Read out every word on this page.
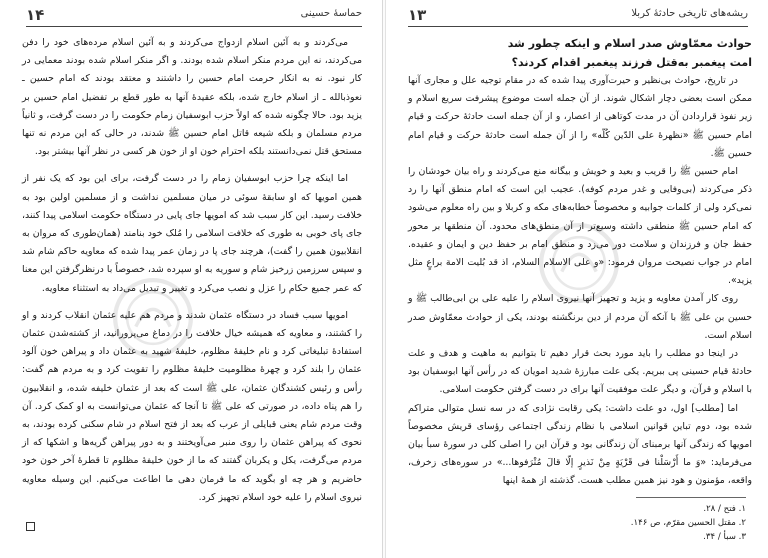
۱۴	حماسهٔ حسینی

می‌کردند و به آئین اسلام ازدواج می‌کردند و به آئین اسلام مرده‌های خود را دفن می‌کردند، نه این مردم منکر اسلام شده بودند. و اگر منکر اسلام شده بودند معمایی در کار نبود. نه به انکار حرمت امام حسین را داشتند و معتقد بودند که امام حسین ـ نعوذبالله ـ از اسلام خارج شده، بلکه عقیدهٔ آنها به طور قطع بر تفضیل امام حسین بر یزید بود. حالا چگونه شده که اولاً حزب ابوسفیان زمام حکومت را در دست گرفت، و ثانیاً مردم مسلمان و بلکه شیعه قاتل امام حسین ﷺ شدند، در حالی که این مردم نه تنها مستحق قتل نمی‌دانستند بلکه احترام خون او از خون هر کسی در نظر آنها بیشتر بود.

اما اینکه چرا حزب ابوسفیان زمام را در دست گرفت، برای این بود که یک نفر از همین امویها که او سابقهٔ سوئی در میان مسلمین نداشت و از مسلمین اولین بود به خلافت رسید. این کار سبب شد که امویها جای پایی در دستگاه حکومت اسلامی پیدا کنند، جای پای خوبی به طوری که خلافت اسلامی را مُلک خود بنامند (همان‌طوری که مروان به انقلابیون همین را گفت)، هرچند جای پا در زمان عمر پیدا شده که معاویه حاکم شام شد و سپس سرزمین زرخیز شام و سوریه به او سپرده شد، خصوصاً با درنظرگرفتن این معنا که عمر جمیع حکام را عزل و نصب می‌کرد و تغییر و تبدیل می‌داد به استثناء معاویه.

امویها سبب فساد در دستگاه عثمان شدند و مردم هم علیه عثمان انقلاب کردند و او را کشتند، و معاویه که همیشه خیال خلافت را در دماغ می‌پرورانید، از کشته‌شدن عثمان استفادهٔ تبلیغاتی کرد و نام خلیفهٔ مظلوم، خلیفهٔ شهید به عثمان داد و پیراهن خون آلود عثمان را بلند کرد و چهرهٔ مظلومیت خلیفهٔ مظلوم را تقویت کرد و به مردم هم گفت: رأس و رئیس کشندگان عثمان، علی ﷺ است که بعد از عثمان خلیفه شده، و انقلابیون را هم پناه داده، در صورتی که علی ﷺ تا آنجا که عثمان می‌توانست به او کمک کرد. آن وقت مردم شام یعنی قبایلی از عرب که بعد از فتح اسلام در شام سکنی کرده بودند، به نحوی که پیراهن عثمان را روی منبر می‌آویختند و به دور پیراهن گریه‌ها و اشکها که از مردم می‌گرفت، یکل و یکربان گفتند که ما از خون خلیفهٔ مظلوم تا قطرهٔ آخر خون خود حاضریم و هر چه او بگوید که ما فرمان دهی ما اطاعت می‌کنیم. این وسیله معاویه نیروی اسلام را علیه خود اسلام تجهیز کرد.

۱۳	ریشه‌های تاریخی حادثهٔ کربلا
حوادث معمّاوش صدر اسلام و اینکه چطور شد
امت پیغمبر به‌قتل فرزند پیغمبر اقدام کردند؟

در تاریخ، حوادث بی‌نظیر و حیرت‌آوری پیدا شده که در مقام توجیه علل و مجاری آنها ممکن است بعضی دچار اشکال شوند. از آن جمله است موضوع پیشرفت سریع اسلام و زیر نفوذ قراردادن آن در مدت کوتاهی از اعصار، و از آن جمله است حادثهٔ حرکت و قیام امام حسین ﷺ «نظهرهٔ علی الدّین کُلّه» را از آن جمله است حادثهٔ حرکت و قیام امام حسین ﷺ.

امام حسین ﷺ را قریب و بعید و خویش و بیگانه منع می‌کردند و راه بیان خودشان را ذکر می‌کردند (بی‌وفایی و غدر مردم کوفه). عجیب این است که امام منطق آنها را رد نمی‌کرد ولی از کلمات جوابیه و مخصوصاً خطابه‌های مکه و کربلا و بین راه معلوم می‌شود که امام حسین ﷺ منطقی داشته وسیع‌تر از آن منطق‌های محدود. آن منطقها بر محور حفظ جان و فرزندان و سلامت دور می‌زد و منطق امام بر حفظ دین و ایمان و عقیده. امام در جواب نصیحت مروان فرمود: «و علی الاسلام السلام، اذ قد بُلیت الامة براعٍ مثل یزید».

روی کار آمدن معاویه و یزید و تجهیز آنها نیروی اسلام را علیه علی بن ابی‌طالب ﷺ و حسین بن علی ﷺ با آنکه آن مردم از دین برنگشته بودند، یکی از حوادث معمّاوش صدر اسلام است.

در اینجا دو مطلب را باید مورد بحث قرار دهیم تا بتوانیم به ماهیت و هدف و علت حادثهٔ قیام حسینی پی ببریم. یکی علت مبارزهٔ شدید امویان که در رأس آنها ابوسفیان بود با اسلام و قرآن، و دیگر علت موفقیت آنها برای در دست گرفتن حکومت اسلامی.

اما [مطلب] اول، دو علت داشت: یکی رقابت نژادی که در سه نسل متوالی متراکم شده بود، دوم تباین قوانین اسلامی با نظام زندگی اجتماعی رؤسای قریش مخصوصاً امویها که زندگی آنها برمبنای آن زندگانی بود و قرآن این را اصلی کلی در سورهٔ سبأ بیان می‌فرماید: «وَ ما أَرْسَلْنا فی قَرْیَةٍ مِنْ نَذیرٍ إلّا قالَ مُتْرَفوها...» در سوره‌های زخرف، واقعه، مؤمنون و هود نیز همین مطلب هست. گذشته از همهٔ اینها

۱. فتح / ۲۸.
۲. مقتل الحسین مقرّم، ص ۱۴۶.
۳. سبأ / ۳۴.
